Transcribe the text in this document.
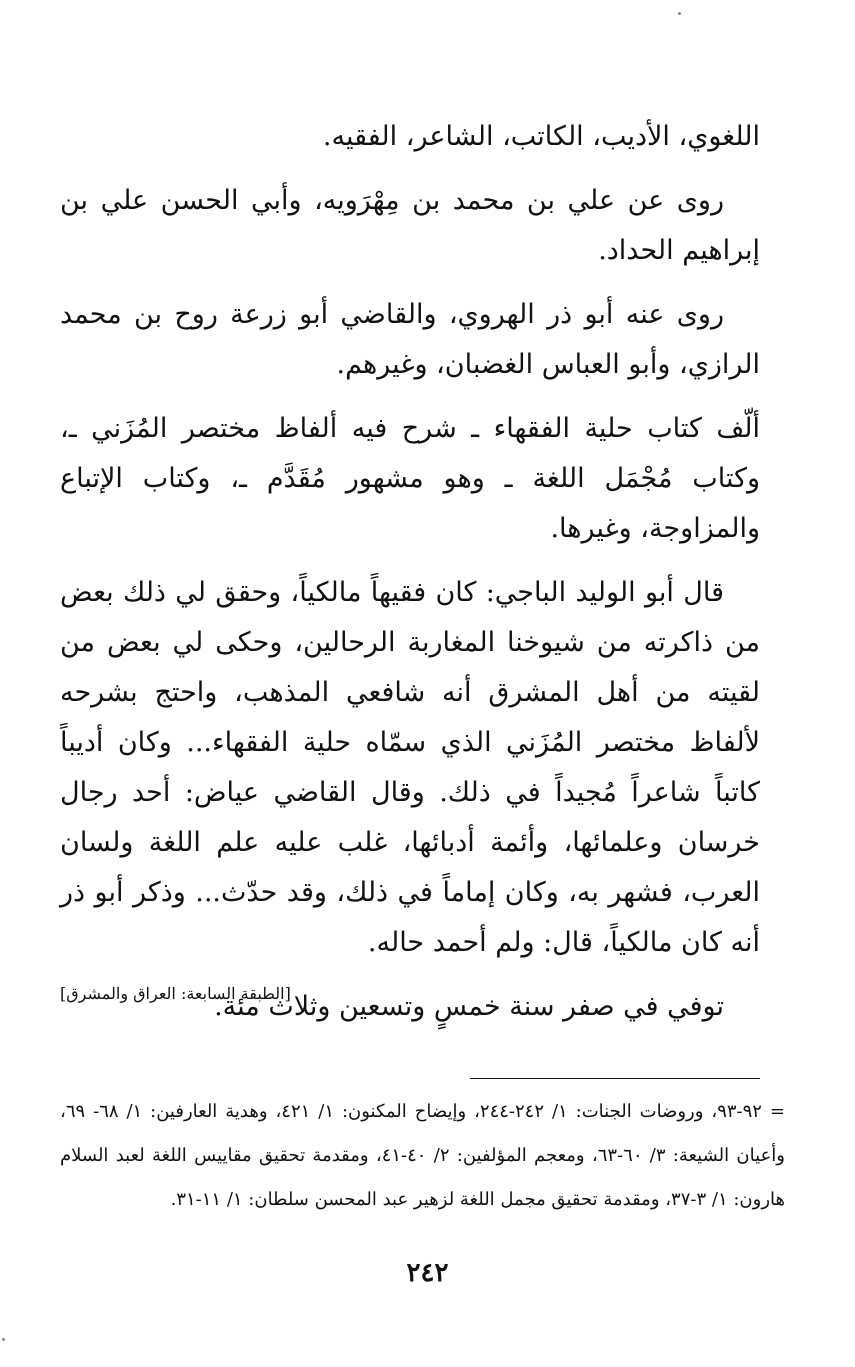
اللغوي، الأديب، الكاتب، الشاعر، الفقيه.

روى عن علي بن محمد بن مِهْرَويه، وأبي الحسن علي بن إبراهيم الحداد.

روى عنه أبو ذر الهروي، والقاضي أبو زرعة روح بن محمد الرازي، وأبو العباس الغضبان، وغيرهم.

ألّف كتاب حلية الفقهاء ـ شرح فيه ألفاظ مختصر المُزَني ـ، وكتاب مُجْمَل اللغة ـ وهو مشهور مُقَدَّم ـ، وكتاب الإتباع والمزاوجة، وغيرها.

قال أبو الوليد الباجي: كان فقيهاً مالكياً، وحقق لي ذلك بعض من ذاكرته من شيوخنا المغاربة الرحالين، وحكى لي بعض من لقيته من أهل المشرق أنه شافعي المذهب، واحتج بشرحه لألفاظ مختصر المُزَني الذي سمّاه حلية الفقهاء... وكان أديباً كاتباً شاعراً مُجيداً في ذلك. وقال القاضي عياض: أحد رجال خرسان وعلمائها، وأئمة أدبائها، غلب عليه علم اللغة ولسان العرب، فشهر به، وكان إماماً في ذلك، وقد حدّث... وذكر أبو ذر أنه كان مالكياً، قال: ولم أحمد حاله.

توفي في صفر سنة خمسٍ وتسعين وثلاث مئة.

[الطبقة السابعة: العراق والمشرق]

= ٩٢-٩٣، وروضات الجنات: ١/ ٢٤٢-٢٤٤، وإيضاح المكنون: ١/ ٤٢١، وهدية العارفين: ١/ ٦٨- ٦٩، وأعيان الشيعة: ٣/ ٦٠-٦٣، ومعجم المؤلفين: ٢/ ٤٠-٤١، ومقدمة تحقيق مقاييس اللغة لعبد السلام هارون: ١/ ٣-٣٧، ومقدمة تحقيق مجمل اللغة لزهير عبد المحسن سلطان: ١/ ١١-٣١.

٢٤٢
